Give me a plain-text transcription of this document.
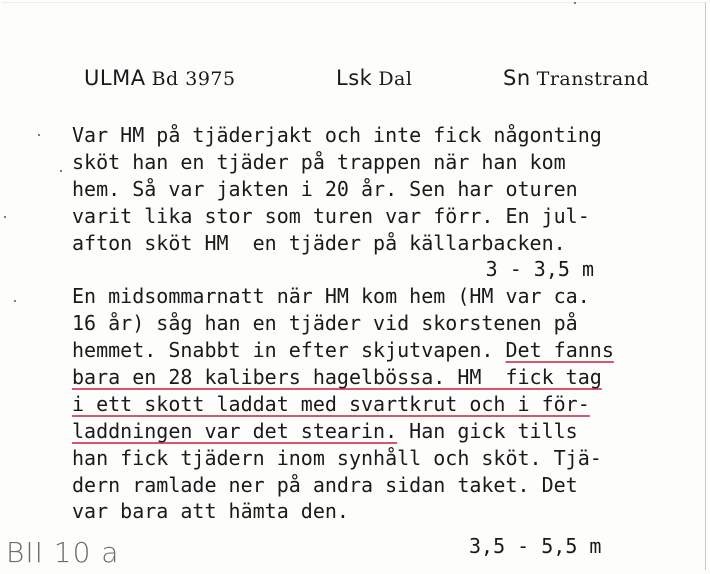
ULMA Bd 3975	Lsk Dal	Sn Transtrand
Var HM på tjäderjakt och inte fick någonting
sköt han en tjäder på trappen när han kom
hem. Så var jakten i 20 år. Sen har oturen
varit lika stor som turen var förr. En jul-
afton sköt HM  en tjäder på källarbacken.
3 - 3,5 m
En midsommarnatt när HM kom hem (HM var ca.
16 år) såg han en tjäder vid skorstenen på
hemmet. Snabbt in efter skjutvapen. Det fanns
bara en 28 kalibers hagelbössa. HM  fick tag
i ett skott laddat med svartkrut och i för-
laddningen var det stearin. Han gick tills
han fick tjädern inom synhåll och sköt. Tjä-
dern ramlade ner på andra sidan taket. Det
var bara att hämta den.
BII 10 a	3,5 - 5,5 m
